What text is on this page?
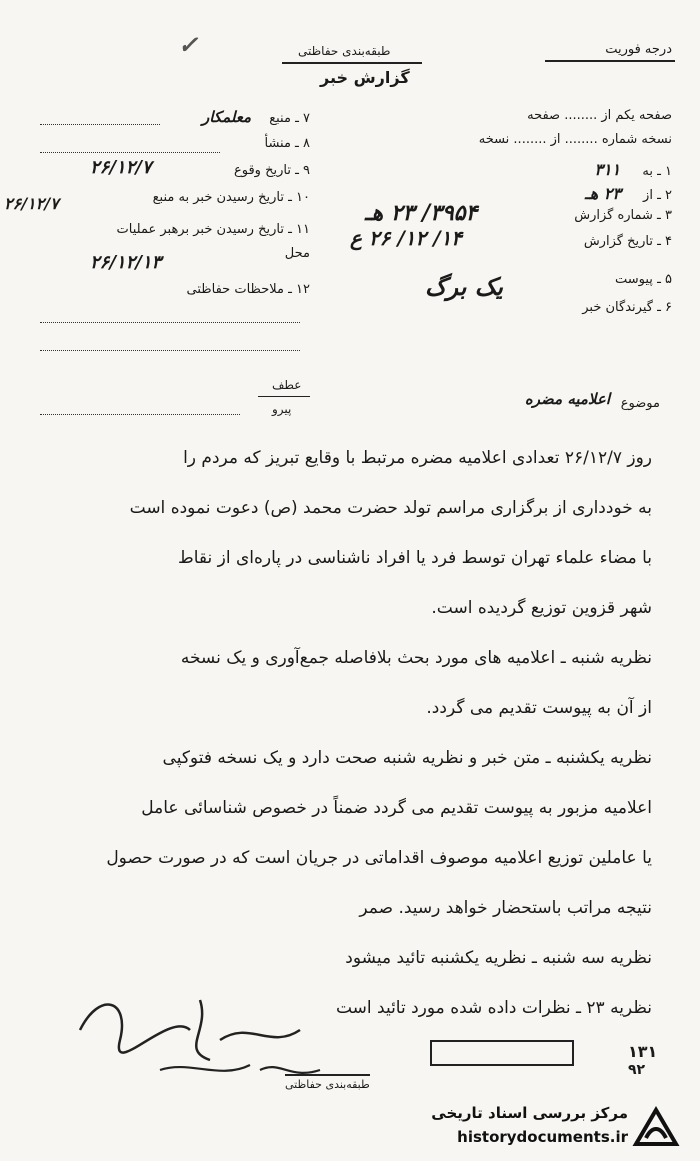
طبقه‌بندی حفاظتی
گزارش خبر
درجه فوریت
✓
صفحه یکم از ........ صفحه
نسخه شماره ........ از ........ نسخه
۱ ـ به ۳۱۱
۲ ـ از ۲۳ هـ
۳ ـ شماره گزارش
۳۹۵۴/ ۲۳ هـ
۴ ـ تاریخ گزارش
۱۴/ ۱۲/ ۲۶ ع
۵ ـ پیوست
یک برگ
۶ ـ گیرندگان خبر
۷ ـ منبع معلمکار
۸ ـ منشأ
۹ ـ تاریخ وقوع
۲۶/۱۲/۷
۱۰ ـ تاریخ رسیدن خبر به منبع
۲۶/۱۲/۷
۱۱ ـ تاریخ رسیدن خبر برهبر عملیات
محل
۲۶/۱۲/۱۳
۱۲ ـ ملاحظات حفاظتی
عطف
پیرو	موضوع
اعلامیه مضره
روز ۲۶/۱۲/۷ تعدادی اعلامیه مضره مرتبط با وقایع تبریز که مردم را
به خودداری از برگزاری مراسم تولد حضرت محمد (ص) دعوت نموده است
با مضاء علماء تهران توسط فرد یا افراد ناشناسی در پاره‌ای از نقاط
شهر قزوین توزیع گردیده است.
نظریه شنبه ـ اعلامیه های مورد بحث بلافاصله جمع‌آوری و یک نسخه
از آن به پیوست تقدیم می گردد.
نظریه یکشنبه ـ متن خبر و نظریه شنبه صحت دارد و یک نسخه فتوکپی
اعلامیه مزبور به پیوست تقدیم می گردد ضمناً در خصوص شناسائی عامل
یا عاملین توزیع اعلامیه موصوف اقداماتی در جریان است که در صورت حصول
نتیجه مراتب باستحضار خواهد رسید. صمر
نظریه سه شنبه ـ نظریه یکشنبه تائید میشود
نظریه ۲۳ ـ نظرات داده شده مورد تائید است
۱۳۱
۹۲
طبقه‌بندی حفاظتی
مرکز بررسی اسناد تاریخی
historydocuments.ir
